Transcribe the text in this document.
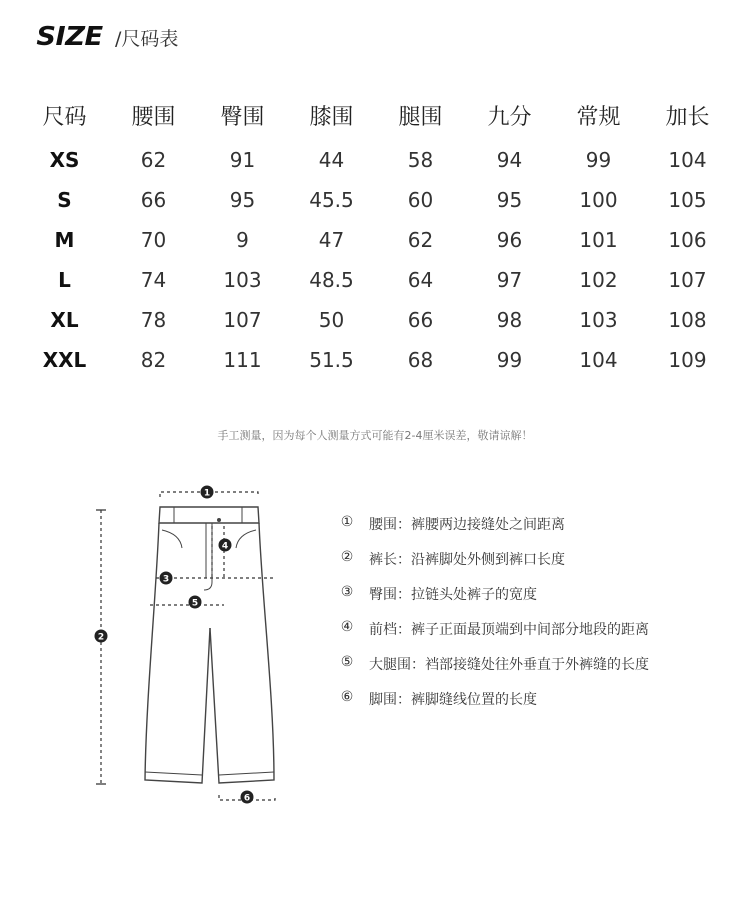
SIZE /尺码表
尺码	腰围	臀围	膝围	腿围	九分	常规	加长
XS	62	91	44	58	94	99	104
S	66	95	45.5	60	95	100	105
M	70	9	47	62	96	101	106
L	74	103	48.5	64	97	102	107
XL	78	107	50	66	98	103	108
XXL	82	111	51.5	68	99	104	109
手工测量，因为每个人测量方式可能有2-4厘米误差，敬请谅解！
1
2
3
4
5
6
① 腰围：裤腰两边接缝处之间距离
② 裤长：沿裤脚处外侧到裤口长度
③ 臀围：拉链头处裤子的宽度
④ 前档：裤子正面最顶端到中间部分地段的距离
⑤ 大腿围：裆部接缝处往外垂直于外裤缝的长度
⑥ 脚围：裤脚缝线位置的长度
